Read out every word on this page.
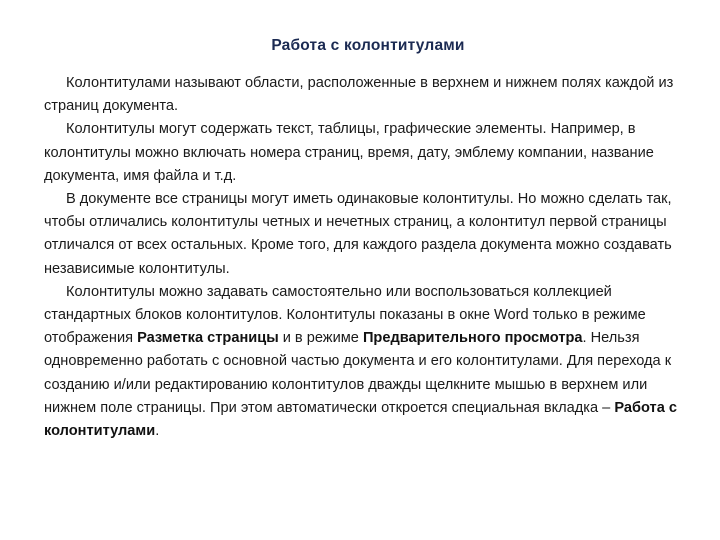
Работа с колонтитулами

Колонтитулами называют области, расположенные в верхнем и нижнем полях каждой из страниц документа.

Колонтитулы могут содержать текст, таблицы, графические элементы. Например, в колонтитулы можно включать номера страниц, время, дату, эмблему компании, название документа, имя файла и т.д.

В документе все страницы могут иметь одинаковые колонтитулы. Но можно сделать так, чтобы отличались колонтитулы четных и нечетных страниц, а колонтитул первой страницы отличался от всех остальных. Кроме того, для каждого раздела документа можно создавать независимые колонтитулы.

Колонтитулы можно задавать самостоятельно или воспользоваться коллекцией стандартных блоков колонтитулов. Колонтитулы показаны в окне Word только в режиме отображения Разметка страницы и в режиме Предварительного просмотра. Нельзя одновременно работать с основной частью документа и его колонтитулами. Для перехода к созданию и/или редактированию колонтитулов дважды щелкните мышью в верхнем или нижнем поле страницы. При этом автоматически откроется специальная вкладка – Работа с колонтитулами.
